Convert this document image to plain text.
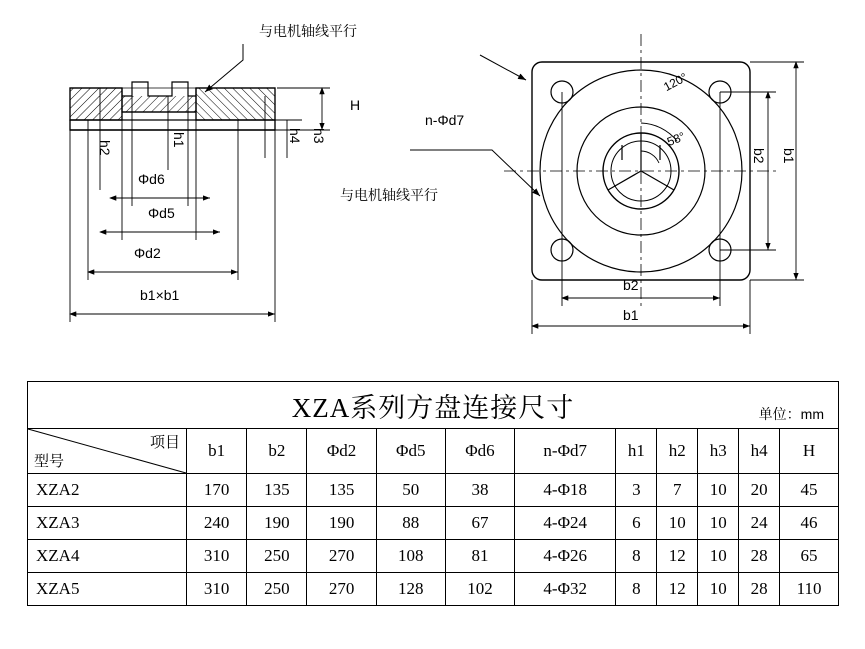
与电机轴线平行
H
h3
h4
h1
h2
Φd6
Φd5
Φd2
b1×b1
n-Φd7
与电机轴线平行
120°
58°
b2 b1
b2
b1
XZA系列方盘连接尺寸 单位：mm											

项目
型号	b1	b2	Φd2	Φd5	Φd6	n-Φd7	h1	h2	h3	h4	H
XZA2	170	135	135	50	38	4-Φ18	3	7	10	20	45
XZA3	240	190	190	88	67	4-Φ24	6	10	10	24	46
XZA4	310	250	270	108	81	4-Φ26	8	12	10	28	65
XZA5	310	250	270	128	102	4-Φ32	8	12	10	28	110
